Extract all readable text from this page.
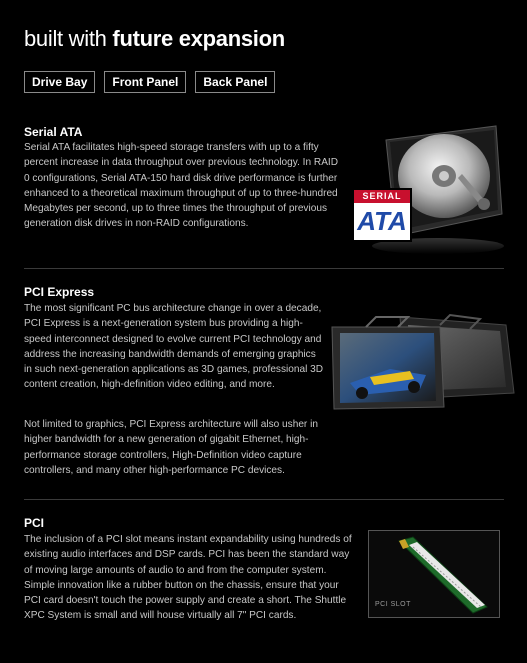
built with future expansion
Drive Bay	Front Panel	Back Panel
Serial ATA
Serial ATA facilitates high-speed storage transfers with up to a fifty percent increase in data throughput over previous technology. In RAID 0 configurations, Serial ATA-150 hard disk drive performance is further enhanced to a theoretical maximum throughput of up to three-hundred Megabytes per second, up to three times the throughput of previous generation disk drives in non-RAID configurations.
SERIAL
ATA
PCI Express
The most significant PC bus architecture change in over a decade, PCI Express is a next-generation system bus providing a high-speed interconnect designed to evolve current PCI technology and address the increasing bandwidth demands of emerging graphics in such next-generation applications as 3D games, professional 3D content creation, high-definition video editing, and more.
Not limited to graphics, PCI Express architecture will also usher in higher bandwidth for a new generation of gigabit Ethernet, high-performance storage controllers, High-Definition video capture controllers, and many other high-performance PC devices.
PCI
The inclusion of a PCI slot means instant expandability using hundreds of existing audio interfaces and DSP cards. PCI has been the standard way of moving large amounts of audio to and from the computer system. Simple innovation like a rubber button on the chassis, ensure that your PCI card doesn't touch the power supply and create a short. The Shuttle XPC System is small and will house virtually all 7" PCI cards.
PCI SLOT
